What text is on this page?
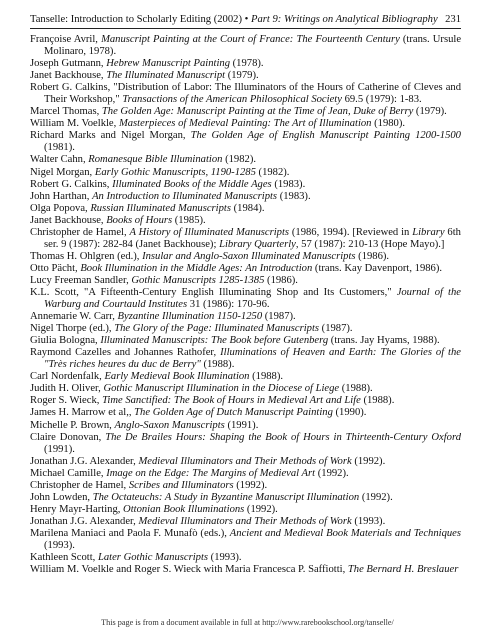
Tanselle: Introduction to Scholarly Editing (2002) • Part 9: Writings on Analytical Bibliography 231

Françoise Avril, Manuscript Painting at the Court of France: The Fourteenth Century (trans. Ursule Molinaro, 1978).

Joseph Gutmann, Hebrew Manuscript Painting (1978).

Janet Backhouse, The Illuminated Manuscript (1979).

Robert G. Calkins, "Distribution of Labor: The Illuminators of the Hours of Catherine of Cleves and Their Workshop," Transactions of the American Philosophical Society 69.5 (1979): 1-83.

Marcel Thomas, The Golden Age: Manuscript Painting at the Time of Jean, Duke of Berry (1979).

William M. Voelkle, Masterpieces of Medieval Painting: The Art of Illumination (1980).

Richard Marks and Nigel Morgan, The Golden Age of English Manuscript Painting 1200-1500 (1981).

Walter Cahn, Romanesque Bible Illumination (1982).

Nigel Morgan, Early Gothic Manuscripts, 1190-1285 (1982).

Robert G. Calkins, Illuminated Books of the Middle Ages (1983).

John Harthan, An Introduction to Illuminated Manuscripts (1983).

Olga Popova, Russian Illuminated Manuscripts (1984).

Janet Backhouse, Books of Hours (1985).

Christopher de Hamel, A History of Illuminated Manuscripts (1986, 1994). [Reviewed in Library 6th ser. 9 (1987): 282-84 (Janet Backhouse); Library Quarterly, 57 (1987): 210-13 (Hope Mayo).]

Thomas H. Ohlgren (ed.), Insular and Anglo-Saxon Illuminated Manuscripts (1986).

Otto Pächt, Book Illumination in the Middle Ages: An Introduction (trans. Kay Davenport, 1986).

Lucy Freeman Sandler, Gothic Manuscripts 1285-1385 (1986).

K.L. Scott, "A Fifteenth-Century English Illuminating Shop and Its Customers," Journal of the Warburg and Courtauld Institutes 31 (1986): 170-96.

Annemarie W. Carr, Byzantine Illumination 1150-1250 (1987).

Nigel Thorpe (ed.), The Glory of the Page: Illuminated Manuscripts (1987).

Giulia Bologna, Illuminated Manuscripts: The Book before Gutenberg (trans. Jay Hyams, 1988).

Raymond Cazelles and Johannes Rathofer, Illuminations of Heaven and Earth: The Glories of the "Très riches heures du duc de Berry" (1988).

Carl Nordenfalk, Early Medieval Book Illumination (1988).

Judith H. Oliver, Gothic Manuscript Illumination in the Diocese of Liege (1988).

Roger S. Wieck, Time Sanctified: The Book of Hours in Medieval Art and Life (1988).

James H. Marrow et al,, The Golden Age of Dutch Manuscript Painting (1990).

Michelle P. Brown, Anglo-Saxon Manuscripts (1991).

Claire Donovan, The De Brailes Hours: Shaping the Book of Hours in Thirteenth-Century Oxford (1991).

Jonathan J.G. Alexander, Medieval Illuminators and Their Methods of Work (1992).

Michael Camille, Image on the Edge: The Margins of Medieval Art (1992).

Christopher de Hamel, Scribes and Illuminators (1992).

John Lowden, The Octateuchs: A Study in Byzantine Manuscript Illumination (1992).

Henry Mayr-Harting, Ottonian Book Illuminations (1992).

Jonathan J.G. Alexander, Medieval Illuminators and Their Methods of Work (1993).

Marilena Maniaci and Paola F. Munafò (eds.), Ancient and Medieval Book Materials and Techniques (1993).

Kathleen Scott, Later Gothic Manuscripts (1993).

William M. Voelkle and Roger S. Wieck with Maria Francesca P. Saffiotti, The Bernard H. Breslauer

This page is from a document available in full at http://www.rarebookschool.org/tanselle/
